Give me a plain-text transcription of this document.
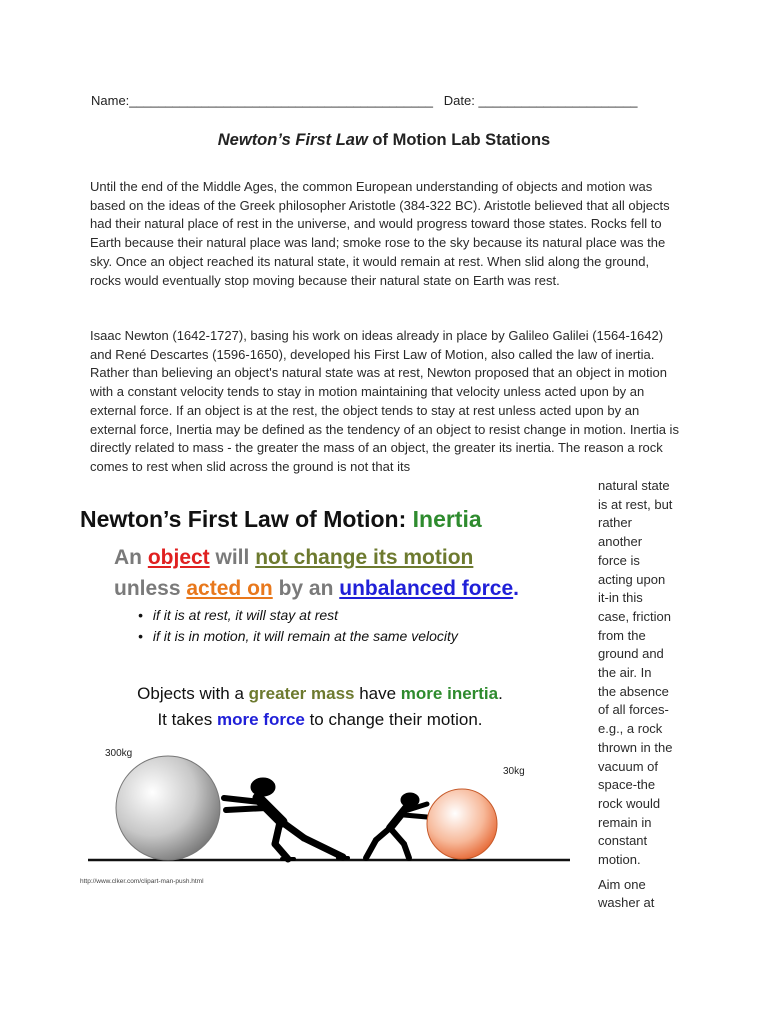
Name:__________________________________________ Date: ______________________
Newton’s First Law of Motion Lab Stations
Until the end of the Middle Ages, the common European understanding of objects and motion was based on the ideas of the Greek philosopher Aristotle (384-322 BC). Aristotle believed that all objects had their natural place of rest in the universe, and would progress toward those states. Rocks fell to Earth because their natural place was land; smoke rose to the sky because its natural place was the sky. Once an object reached its natural state, it would remain at rest. When slid along the ground, rocks would eventually stop moving because their natural state on Earth was rest.
Isaac Newton (1642-1727), basing his work on ideas already in place by Galileo Galilei (1564-1642) and René Descartes (1596-1650), developed his First Law of Motion, also called the law of inertia. Rather than believing an object's natural state was at rest, Newton proposed that an object in motion with a constant velocity tends to stay in motion maintaining that velocity unless acted upon by an external force. If an object is at the rest, the object tends to stay at rest unless acted upon by an external force, Inertia may be defined as the tendency of an object to resist change in motion. Inertia is directly related to mass - the greater the mass of an object, the greater its inertia. The reason a rock comes to rest when slid across the ground is not that its
natural state
is at rest, but
rather
another
force is
acting upon
it-in this
case, friction
from the
ground and
the air. In
the absence
of all forces-
e.g., a rock
thrown in the
vacuum of
space-the
rock would
remain in
constant
motion.
Aim one
washer at
Newton’s First Law of Motion: Inertia
An object will not change its motion
unless acted on by an unbalanced force.
• if it is at rest, it will stay at rest
• if it is in motion, it will remain at the same velocity
Objects with a greater mass have more inertia.
It takes more force to change their motion.
300kg
30kg
http://www.clker.com/clipart-man-push.html
